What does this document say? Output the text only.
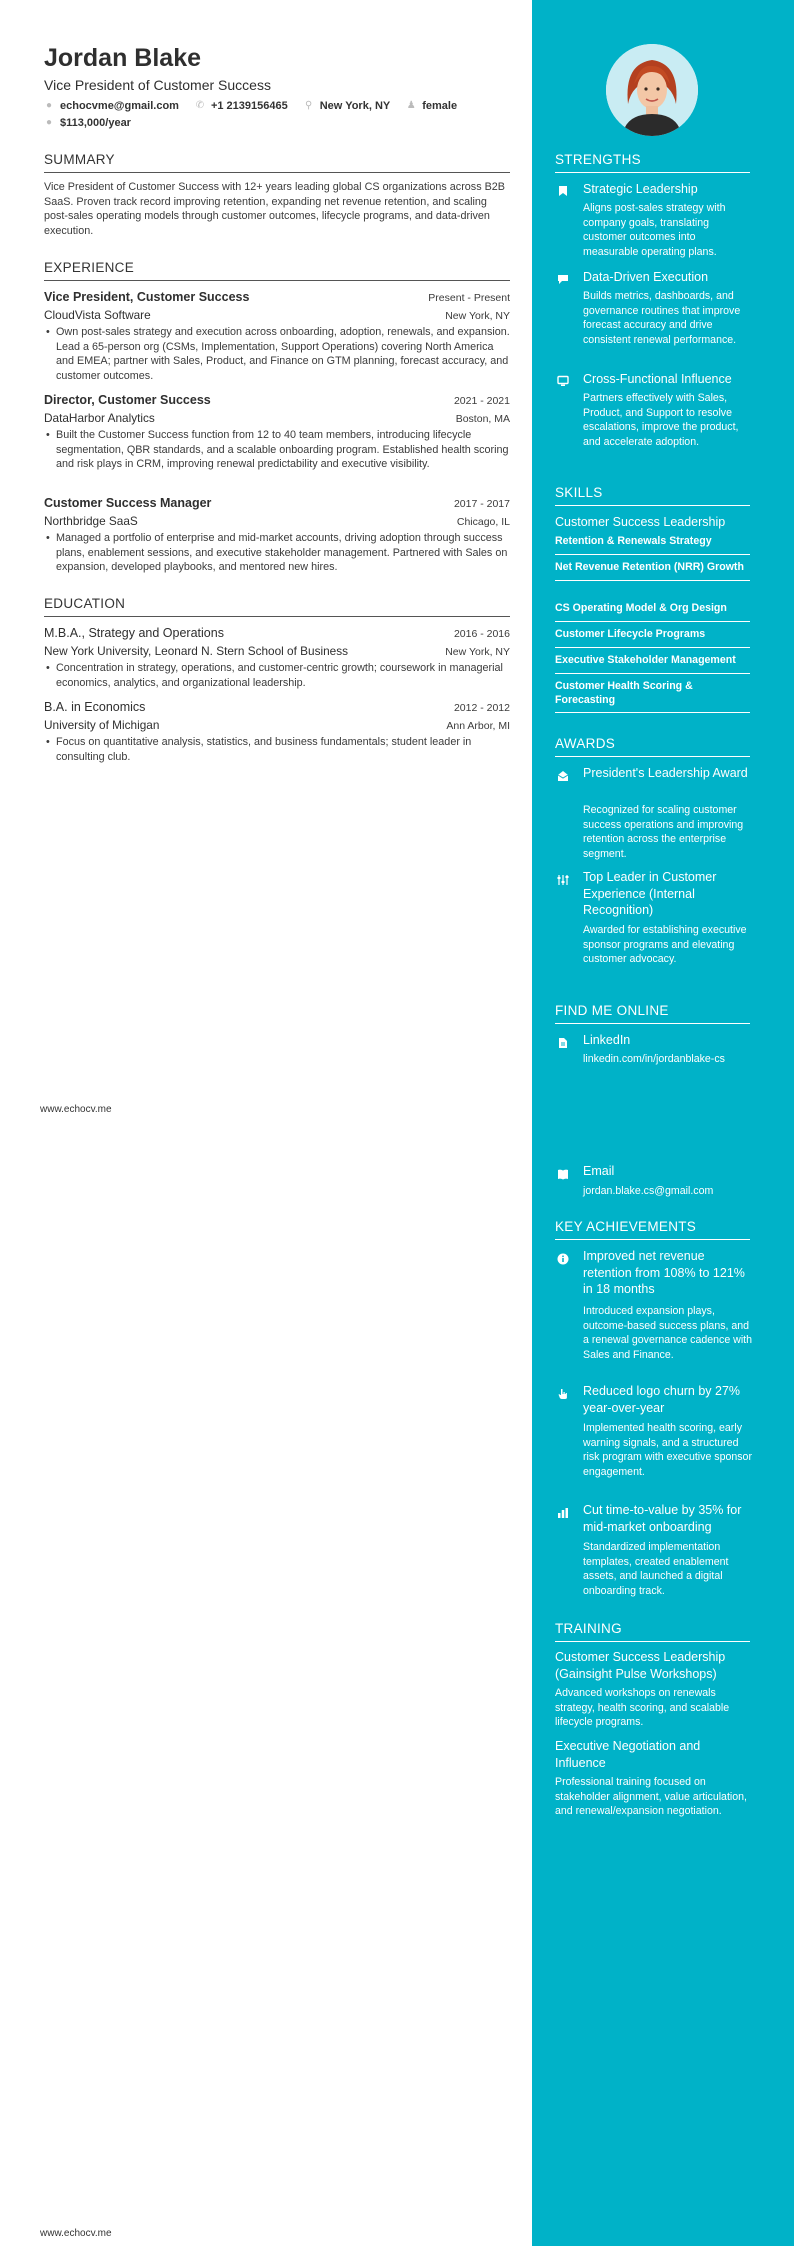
Jordan Blake
Vice President of Customer Success
● echocvme@gmail.com ✆ +1 2139156465 ⚲ New York, NY ♟ female
● $113,000/year
SUMMARY
Vice President of Customer Success with 12+ years leading global CS organizations across B2B SaaS. Proven track record improving retention, expanding net revenue retention, and scaling post-sales operating models through customer outcomes, lifecycle programs, and data-driven execution.
EXPERIENCE
Vice President, Customer Success	Present - Present
CloudVista Software	New York, NY
• Own post-sales strategy and execution across onboarding, adoption, renewals, and expansion. Lead a 65-person org (CSMs, Implementation, Support Operations) covering North America and EMEA; partner with Sales, Product, and Finance on GTM planning, forecast accuracy, and customer outcomes.
Director, Customer Success	2021 - 2021
DataHarbor Analytics	Boston, MA
• Built the Customer Success function from 12 to 40 team members, introducing lifecycle segmentation, QBR standards, and a scalable onboarding program. Established health scoring and risk plays in CRM, improving renewal predictability and executive visibility.
Customer Success Manager	2017 - 2017
Northbridge SaaS	Chicago, IL
• Managed a portfolio of enterprise and mid-market accounts, driving adoption through success plans, enablement sessions, and executive stakeholder management. Partnered with Sales on expansion, developed playbooks, and mentored new hires.
EDUCATION
M.B.A., Strategy and Operations	2016 - 2016
New York University, Leonard N. Stern School of Business	New York, NY
• Concentration in strategy, operations, and customer-centric growth; coursework in managerial economics, analytics, and organizational leadership.
B.A. in Economics	2012 - 2012
University of Michigan	Ann Arbor, MI
• Focus on quantitative analysis, statistics, and business fundamentals; student leader in consulting club.
www.echocv.me
www.echocv.me
STRENGTHS
Strategic Leadership
Aligns post-sales strategy with company goals, translating customer outcomes into measurable operating plans.
Data-Driven Execution
Builds metrics, dashboards, and governance routines that improve forecast accuracy and drive consistent renewal performance.
Cross-Functional Influence
Partners effectively with Sales, Product, and Support to resolve escalations, improve the product, and accelerate adoption.
SKILLS
Customer Success Leadership
Retention & Renewals Strategy
Net Revenue Retention (NRR) Growth
CS Operating Model & Org Design
Customer Lifecycle Programs
Executive Stakeholder Management
Customer Health Scoring & Forecasting
AWARDS
President's Leadership Award
Recognized for scaling customer success operations and improving retention across the enterprise segment.
Top Leader in Customer Experience (Internal Recognition)
Awarded for establishing executive sponsor programs and elevating customer advocacy.
FIND ME ONLINE
LinkedIn
linkedin.com/in/jordanblake-cs
Email
jordan.blake.cs@gmail.com
KEY ACHIEVEMENTS
Improved net revenue retention from 108% to 121% in 18 months
Introduced expansion plays, outcome-based success plans, and a renewal governance cadence with Sales and Finance.
Reduced logo churn by 27% year-over-year
Implemented health scoring, early warning signals, and a structured risk program with executive sponsor engagement.
Cut time-to-value by 35% for mid-market onboarding
Standardized implementation templates, created enablement assets, and launched a digital onboarding track.
TRAINING
Customer Success Leadership (Gainsight Pulse Workshops)
Advanced workshops on renewals strategy, health scoring, and scalable lifecycle programs.
Executive Negotiation and Influence
Professional training focused on stakeholder alignment, value articulation, and renewal/expansion negotiation.
